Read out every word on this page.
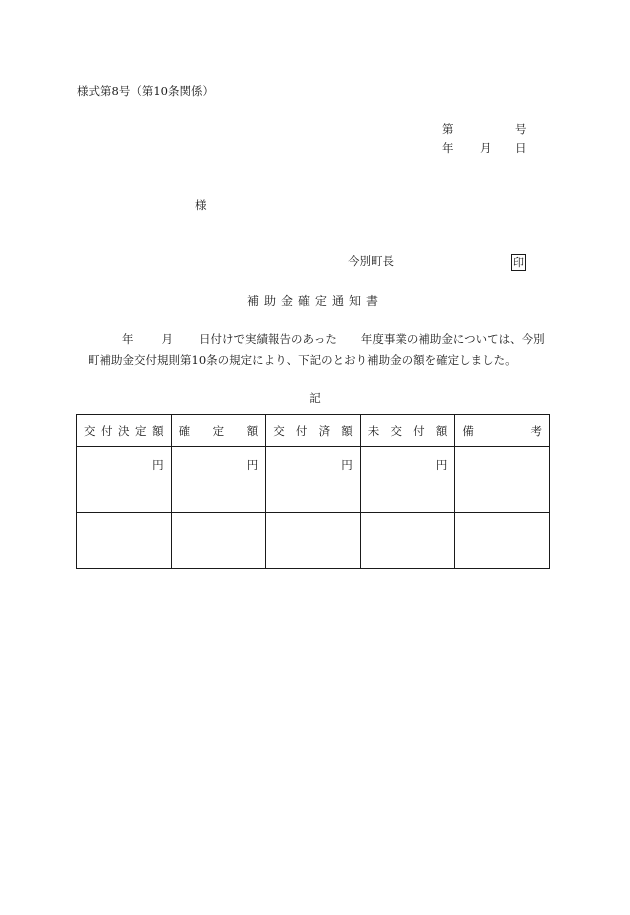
様式第8号（第10条関係）
第	号
年 月 日
様
今別町長	印
補助金確定通知書
年 月 日付けで実績報告のあった 年度事業の補助金については、今別
町補助金交付規則第10条の規定により、下記のとおり補助金の額を確定しました。
記
交 付 決 定 額	確 定 額	交 付 済 額	未 交 付 額	備 考

円	円	円	円	
